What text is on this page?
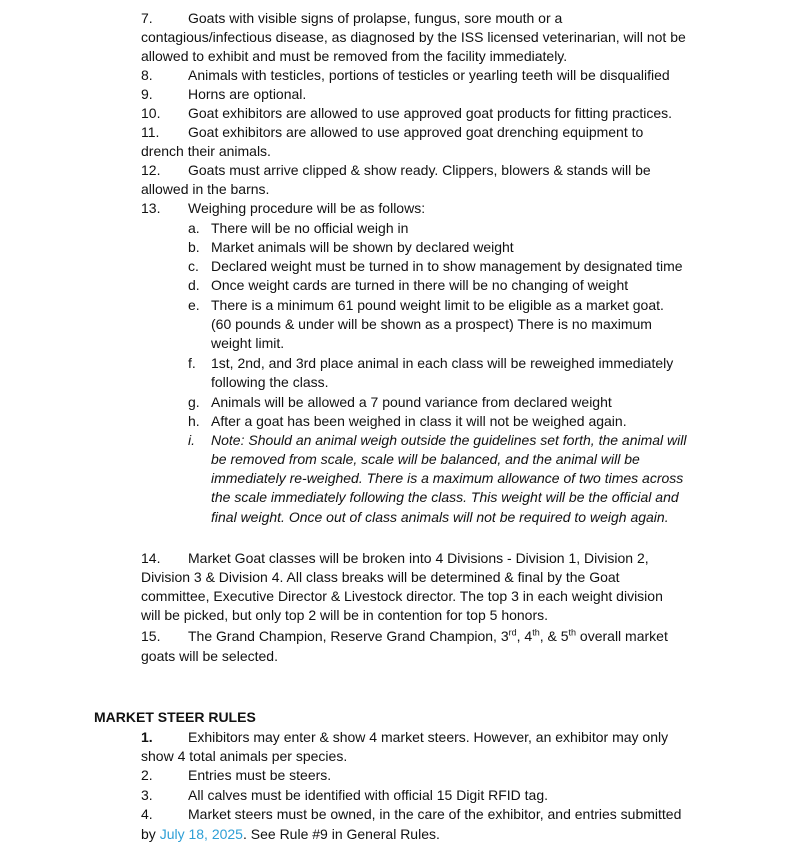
7.	Goats with visible signs of prolapse, fungus, sore mouth or a
contagious/infectious disease, as diagnosed by the ISS licensed veterinarian, will not be
allowed to exhibit and must be removed from the facility immediately.
8.	Animals with testicles, portions of testicles or yearling teeth will be disqualified
9.	Horns are optional.
10. Goat exhibitors are allowed to use approved goat products for fitting practices.
11. Goat exhibitors are allowed to use approved goat drenching equipment to
drench their animals.
12. Goats must arrive clipped & show ready. Clippers, blowers & stands will be
allowed in the barns.
13. Weighing procedure will be as follows:
a. There will be no official weigh in
b. Market animals will be shown by declared weight
c. Declared weight must be turned in to show management by designated time
d. Once weight cards are turned in there will be no changing of weight
e. There is a minimum 61 pound weight limit to be eligible as a market goat.
(60 pounds & under will be shown as a prospect) There is no maximum
weight limit.
f. 1st, 2nd, and 3rd place animal in each class will be reweighed immediately
following the class.
g. Animals will be allowed a 7 pound variance from declared weight
h. After a goat has been weighed in class it will not be weighed again.
i. Note: Should an animal weigh outside the guidelines set forth, the animal will
be removed from scale, scale will be balanced, and the animal will be
immediately re-weighed. There is a maximum allowance of two times across
the scale immediately following the class. This weight will be the official and
final weight. Once out of class animals will not be required to weigh again.
14. Market Goat classes will be broken into 4 Divisions - Division 1, Division 2,
Division 3 & Division 4. All class breaks will be determined & final by the Goat
committee, Executive Director & Livestock director. The top 3 in each weight division
will be picked, but only top 2 will be in contention for top 5 honors.
15. The Grand Champion, Reserve Grand Champion, 3rd, 4th, & 5th overall market
goats will be selected.
MARKET STEER RULES
1.	Exhibitors may enter & show 4 market steers. However, an exhibitor may only
show 4 total animals per species.
2.	Entries must be steers.
3.	All calves must be identified with official 15 Digit RFID tag.
4.	Market steers must be owned, in the care of the exhibitor, and entries submitted
by July 18, 2025. See Rule #9 in General Rules.
